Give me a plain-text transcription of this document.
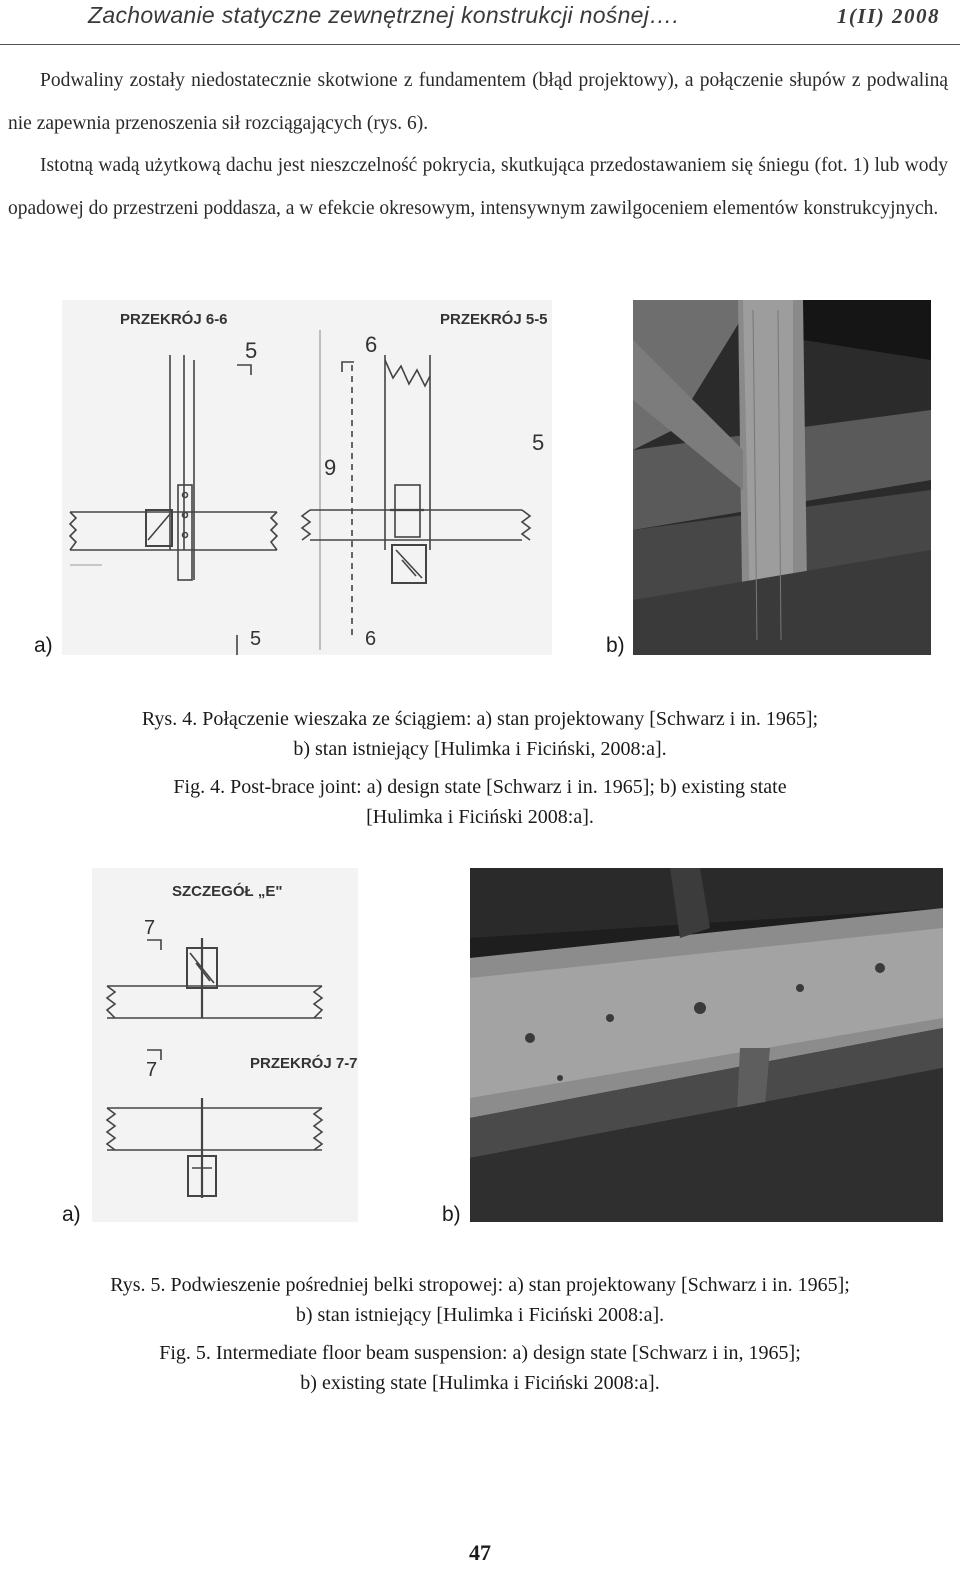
Zachowanie statyczne zewnętrznej konstrukcji nośnej….	1(II) 2008

Podwaliny zostały niedostatecznie skotwione z fundamentem (błąd projektowy), a połączenie słupów z podwaliną nie zapewnia przenoszenia sił rozciągających (rys. 6).

Istotną wadą użytkową dachu jest nieszczelność pokrycia, skutkująca przedostawaniem się śniegu (fot. 1) lub wody opadowej do przestrzeni poddasza, a w efekcie okresowym, intensywnym zawilgoceniem elementów konstrukcyjnych.

PRZEKRÓJ 6-6	PRZEKRÓJ 5-5
5	6
5
9
5	6
a)	b)
Rys. 4. Połączenie wieszaka ze ściągiem: a) stan projektowany [Schwarz i in. 1965];
b) stan istniejący [Hulimka i Ficiński, 2008:a].
Fig. 4. Post-brace joint: a) design state [Schwarz i in. 1965]; b) existing state
[Hulimka i Ficiński 2008:a].
SZCZEGÓŁ „E"
PRZEKRÓJ 7-7
7
7
a)	b)
Rys. 5. Podwieszenie pośredniej belki stropowej: a) stan projektowany [Schwarz i in. 1965];
b) stan istniejący [Hulimka i Ficiński 2008:a].
Fig. 5. Intermediate floor beam suspension: a) design state [Schwarz i in, 1965];
b) existing state [Hulimka i Ficiński 2008:a].
47
